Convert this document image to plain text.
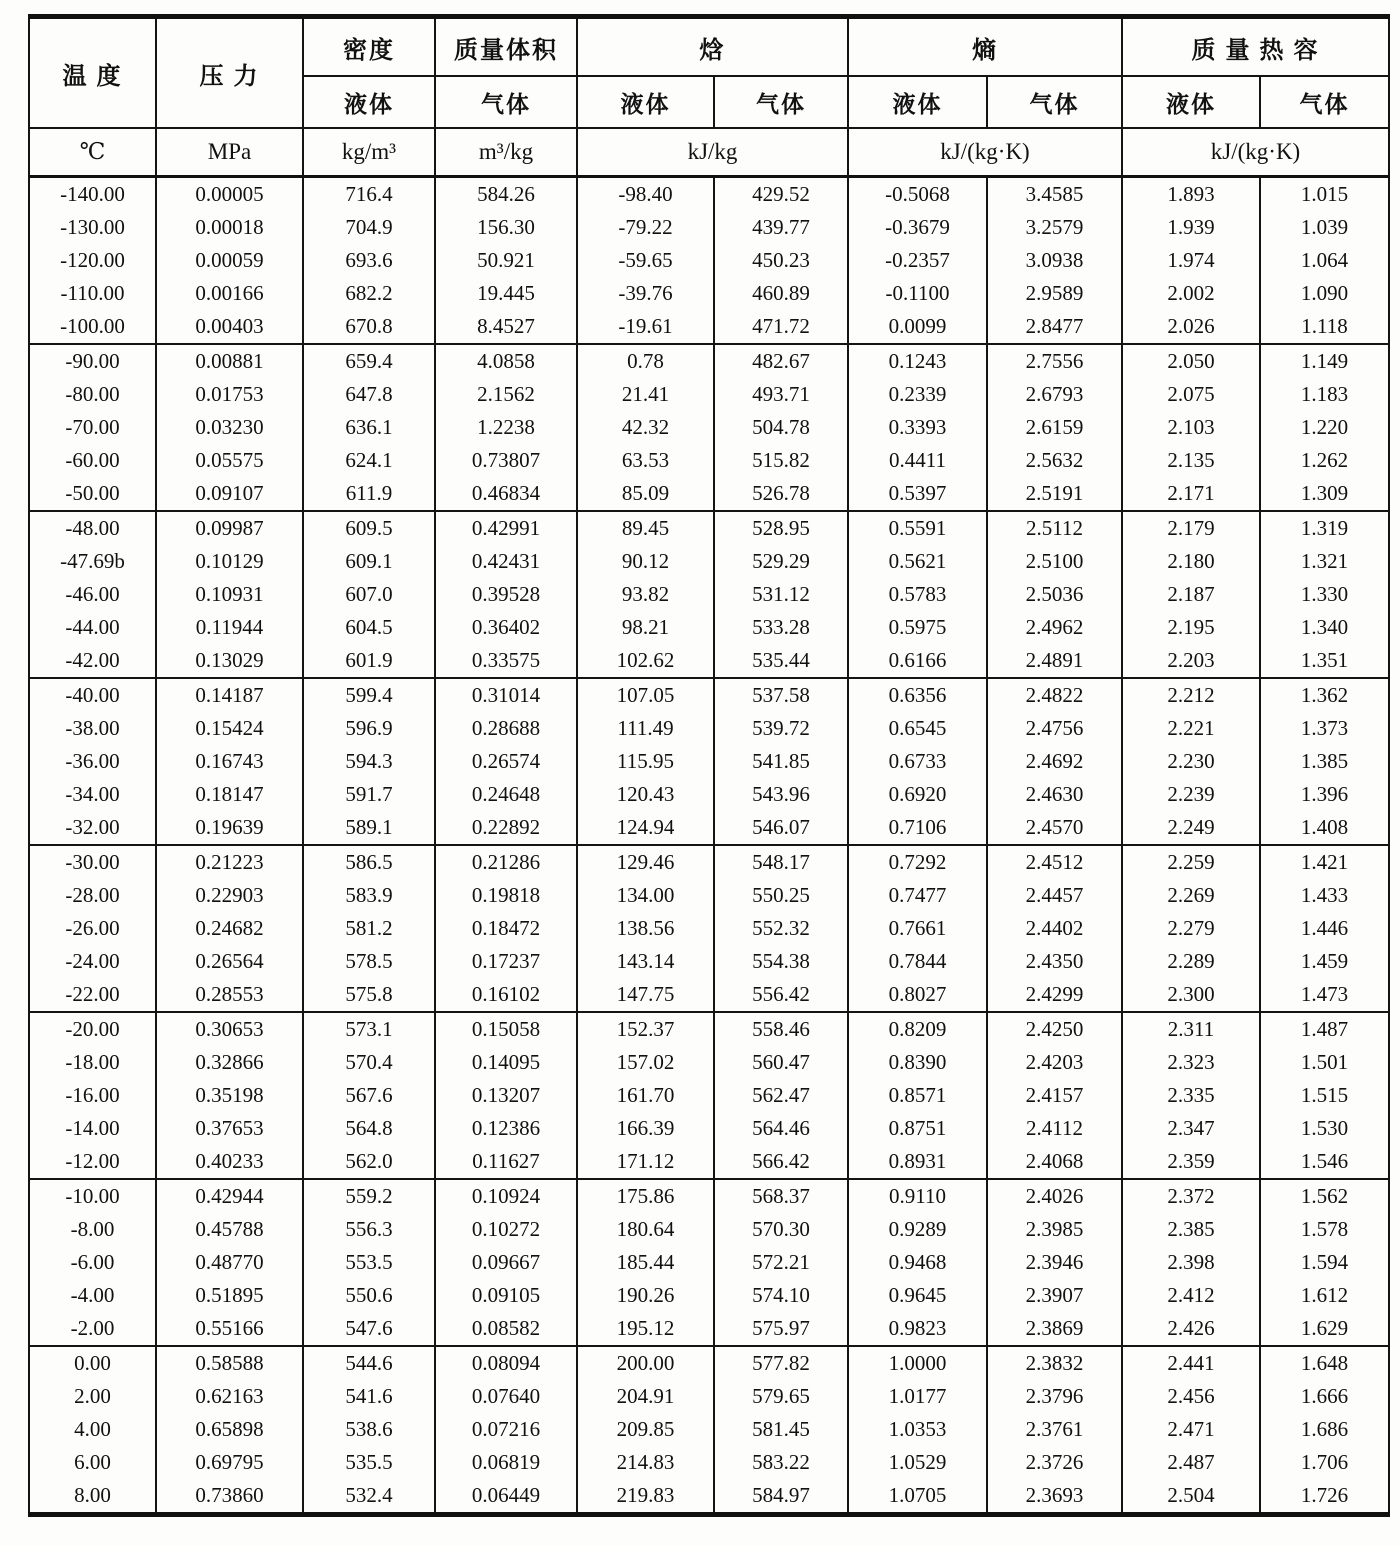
温 度	压 力	密度	质量体积	焓		熵		质 量 热 容	
		液体	气体	液体	气体	液体	气体	液体	气体
℃	MPa	kg/m³	m³/kg	kJ/kg		kJ/(kg·K)		kJ/(kg·K)	
-140.00	0.00005	716.4	584.26	-98.40	429.52	-0.5068	3.4585	1.893	1.015
-130.00	0.00018	704.9	156.30	-79.22	439.77	-0.3679	3.2579	1.939	1.039
-120.00	0.00059	693.6	50.921	-59.65	450.23	-0.2357	3.0938	1.974	1.064
-110.00	0.00166	682.2	19.445	-39.76	460.89	-0.1100	2.9589	2.002	1.090
-100.00	0.00403	670.8	8.4527	-19.61	471.72	0.0099	2.8477	2.026	1.118
-90.00	0.00881	659.4	4.0858	0.78	482.67	0.1243	2.7556	2.050	1.149
-80.00	0.01753	647.8	2.1562	21.41	493.71	0.2339	2.6793	2.075	1.183
-70.00	0.03230	636.1	1.2238	42.32	504.78	0.3393	2.6159	2.103	1.220
-60.00	0.05575	624.1	0.73807	63.53	515.82	0.4411	2.5632	2.135	1.262
-50.00	0.09107	611.9	0.46834	85.09	526.78	0.5397	2.5191	2.171	1.309
-48.00	0.09987	609.5	0.42991	89.45	528.95	0.5591	2.5112	2.179	1.319
-47.69b	0.10129	609.1	0.42431	90.12	529.29	0.5621	2.5100	2.180	1.321
-46.00	0.10931	607.0	0.39528	93.82	531.12	0.5783	2.5036	2.187	1.330
-44.00	0.11944	604.5	0.36402	98.21	533.28	0.5975	2.4962	2.195	1.340
-42.00	0.13029	601.9	0.33575	102.62	535.44	0.6166	2.4891	2.203	1.351
-40.00	0.14187	599.4	0.31014	107.05	537.58	0.6356	2.4822	2.212	1.362
-38.00	0.15424	596.9	0.28688	111.49	539.72	0.6545	2.4756	2.221	1.373
-36.00	0.16743	594.3	0.26574	115.95	541.85	0.6733	2.4692	2.230	1.385
-34.00	0.18147	591.7	0.24648	120.43	543.96	0.6920	2.4630	2.239	1.396
-32.00	0.19639	589.1	0.22892	124.94	546.07	0.7106	2.4570	2.249	1.408
-30.00	0.21223	586.5	0.21286	129.46	548.17	0.7292	2.4512	2.259	1.421
-28.00	0.22903	583.9	0.19818	134.00	550.25	0.7477	2.4457	2.269	1.433
-26.00	0.24682	581.2	0.18472	138.56	552.32	0.7661	2.4402	2.279	1.446
-24.00	0.26564	578.5	0.17237	143.14	554.38	0.7844	2.4350	2.289	1.459
-22.00	0.28553	575.8	0.16102	147.75	556.42	0.8027	2.4299	2.300	1.473
-20.00	0.30653	573.1	0.15058	152.37	558.46	0.8209	2.4250	2.311	1.487
-18.00	0.32866	570.4	0.14095	157.02	560.47	0.8390	2.4203	2.323	1.501
-16.00	0.35198	567.6	0.13207	161.70	562.47	0.8571	2.4157	2.335	1.515
-14.00	0.37653	564.8	0.12386	166.39	564.46	0.8751	2.4112	2.347	1.530
-12.00	0.40233	562.0	0.11627	171.12	566.42	0.8931	2.4068	2.359	1.546
-10.00	0.42944	559.2	0.10924	175.86	568.37	0.9110	2.4026	2.372	1.562
-8.00	0.45788	556.3	0.10272	180.64	570.30	0.9289	2.3985	2.385	1.578
-6.00	0.48770	553.5	0.09667	185.44	572.21	0.9468	2.3946	2.398	1.594
-4.00	0.51895	550.6	0.09105	190.26	574.10	0.9645	2.3907	2.412	1.612
-2.00	0.55166	547.6	0.08582	195.12	575.97	0.9823	2.3869	2.426	1.629
0.00	0.58588	544.6	0.08094	200.00	577.82	1.0000	2.3832	2.441	1.648
2.00	0.62163	541.6	0.07640	204.91	579.65	1.0177	2.3796	2.456	1.666
4.00	0.65898	538.6	0.07216	209.85	581.45	1.0353	2.3761	2.471	1.686
6.00	0.69795	535.5	0.06819	214.83	583.22	1.0529	2.3726	2.487	1.706
8.00	0.73860	532.4	0.06449	219.83	584.97	1.0705	2.3693	2.504	1.726
